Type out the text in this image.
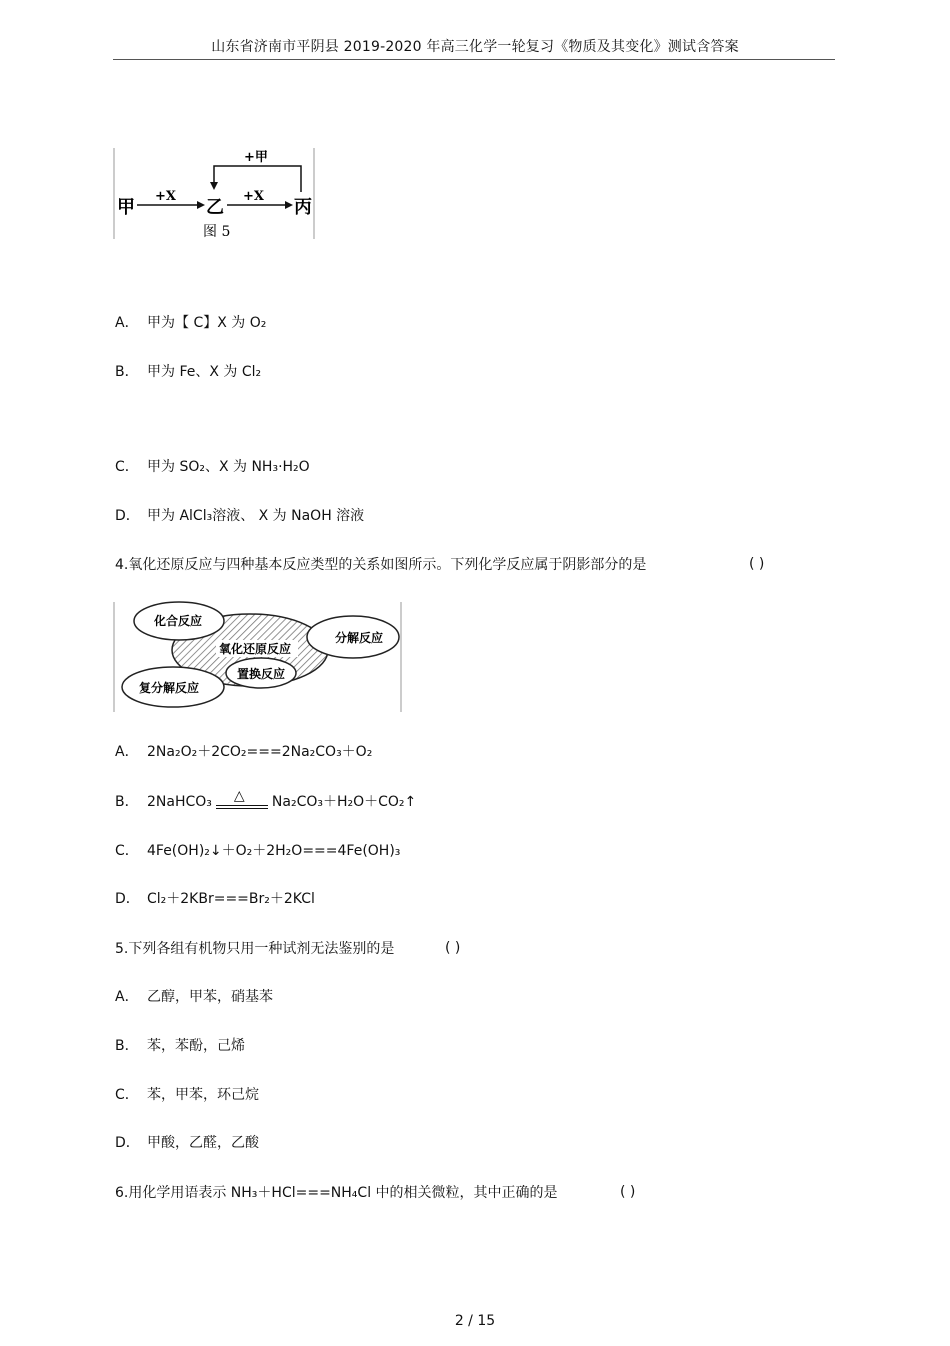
山东省济南市平阴县 2019-2020 年高三化学一轮复习《物质及其变化》测试含答案
甲
+X
乙
+X
丙
+甲
图 5
A． 甲为【 C】X 为 O₂
B． 甲为 Fe、X 为 Cl₂
C． 甲为 SO₂、X 为 NH₃·H₂O
D． 甲为 AlCl₃溶液、 X 为 NaOH 溶液
4.氧化还原反应与四种基本反应类型的关系如图所示。下列化学反应属于阴影部分的是	( )
化合反应
氧化还原反应
分解反应
置换反应
复分解反应
A． 2Na₂O₂＋2CO₂===2Na₂CO₃＋O₂
B． 2NaHCO₃ △ Na₂CO₃＋H₂O＋CO₂↑
C． 4Fe(OH)₂↓＋O₂＋2H₂O===4Fe(OH)₃
D． Cl₂＋2KBr===Br₂＋2KCl
5.下列各组有机物只用一种试剂无法鉴别的是	( )
A． 乙醇，甲苯，硝基苯
B． 苯，苯酚，己烯
C． 苯，甲苯，环己烷
D． 甲酸，乙醛，乙酸
6.用化学用语表示 NH₃＋HCl===NH₄Cl 中的相关微粒，其中正确的是	( )
2 / 15
